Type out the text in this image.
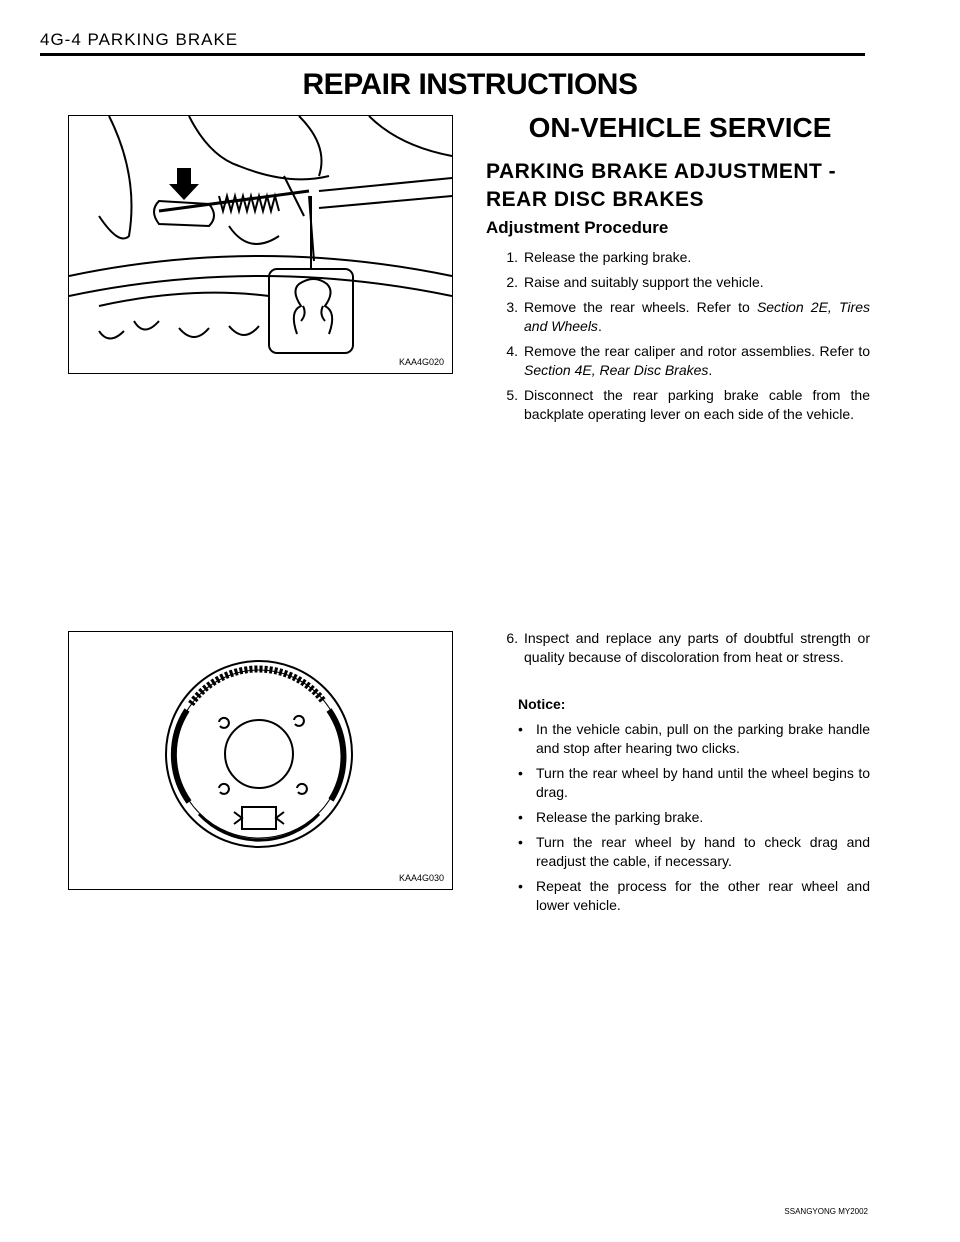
4G-4 PARKING BRAKE
REPAIR INSTRUCTIONS
KAA4G020
KAA4G030
ON-VEHICLE SERVICE
PARKING BRAKE ADJUSTMENT -
REAR DISC BRAKES
Adjustment Procedure
1. Release the parking brake.
2. Raise and suitably support the vehicle.
3. Remove the rear wheels. Refer to Section 2E, Tires and Wheels.
4. Remove the rear caliper and rotor assemblies. Refer to Section 4E, Rear Disc Brakes.
5. Disconnect the rear parking brake cable from the backplate operating lever on each side of the vehicle.
6. Inspect and replace any parts of doubtful strength or quality because of discoloration from heat or stress.
Notice:
• In the vehicle cabin, pull on the parking brake handle and stop after hearing two clicks.
• Turn the rear wheel by hand until the wheel begins to drag.
• Release the parking brake.
• Turn the rear wheel by hand to check drag and readjust the cable, if necessary.
• Repeat the process for the other rear wheel and lower vehicle.
SSANGYONG MY2002
